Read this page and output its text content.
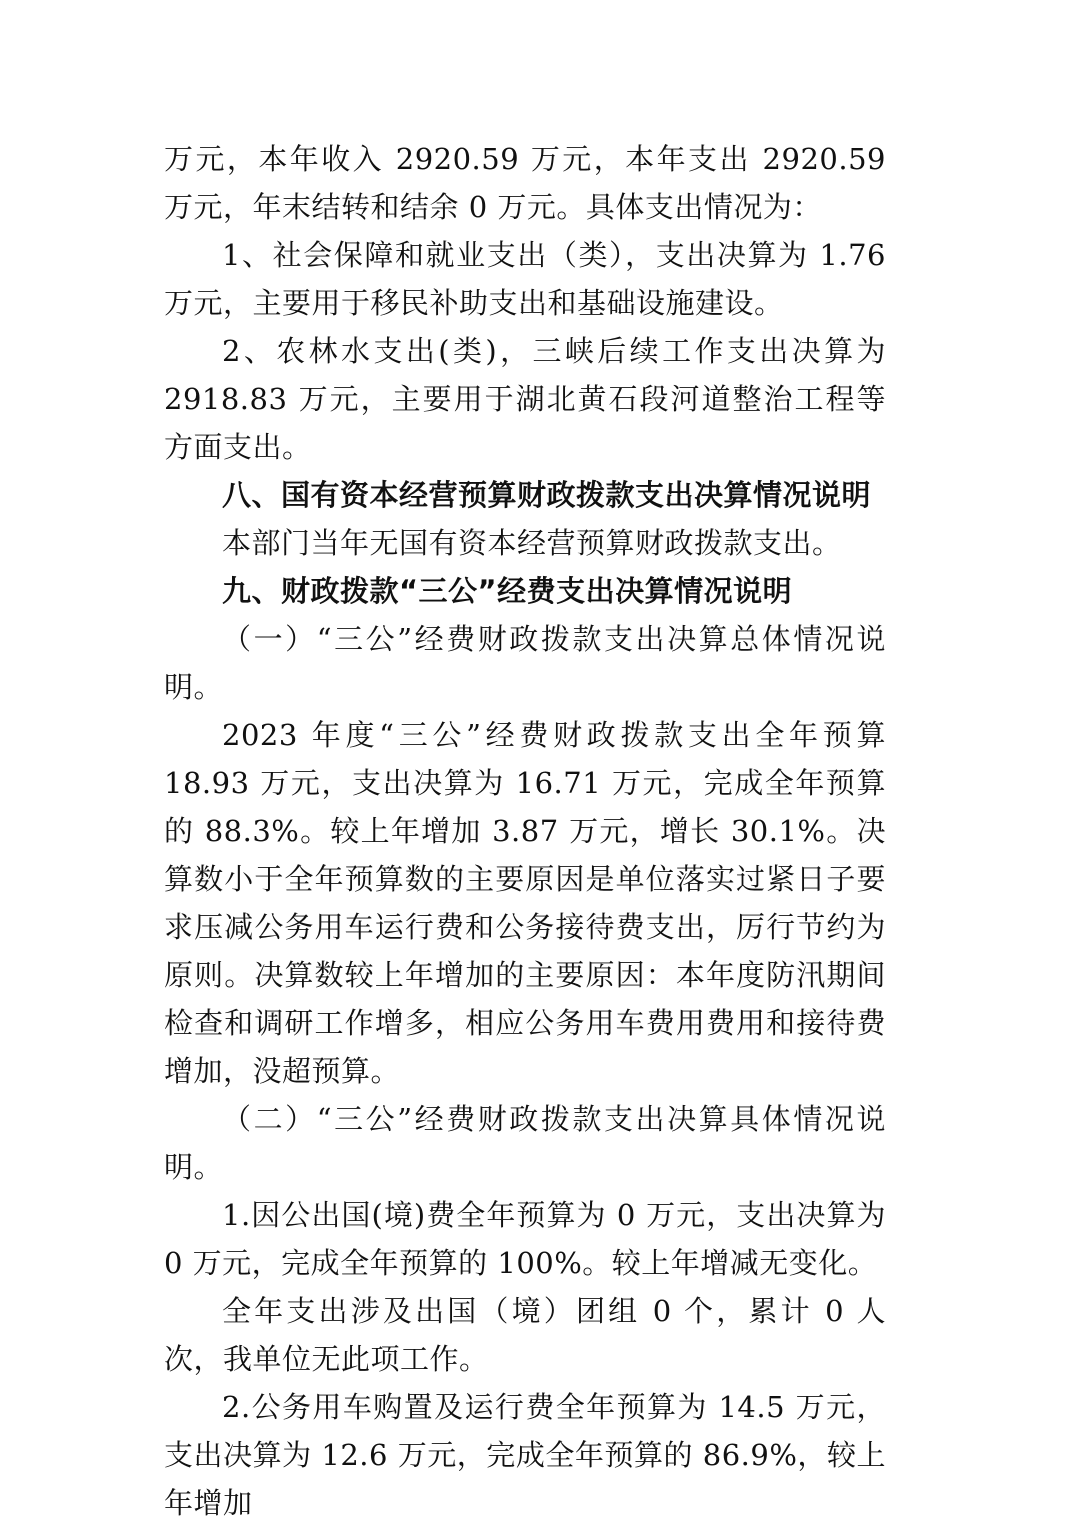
万元，本年收入 2920.59 万元，本年支出 2920.59 万元，年末结转和结余 0 万元。具体支出情况为：

1、社会保障和就业支出（类），支出决算为 1.76 万元，主要用于移民补助支出和基础设施建设。

2、农林水支出(类)，三峡后续工作支出决算为2918.83 万元，主要用于湖北黄石段河道整治工程等方面支出。

八、国有资本经营预算财政拨款支出决算情况说明

本部门当年无国有资本经营预算财政拨款支出。

九、财政拨款“三公”经费支出决算情况说明

（一）“三公”经费财政拨款支出决算总体情况说明。

2023 年度“三公”经费财政拨款支出全年预算 18.93 万元，支出决算为 16.71 万元，完成全年预算的 88.3%。较上年增加 3.87 万元，增长 30.1%。决算数小于全年预算数的主要原因是单位落实过紧日子要求压减公务用车运行费和公务接待费支出，厉行节约为原则。决算数较上年增加的主要原因：本年度防汛期间检查和调研工作增多，相应公务用车费用费用和接待费增加，没超预算。

（二）“三公”经费财政拨款支出决算具体情况说明。

1.因公出国(境)费全年预算为 0 万元，支出决算为 0 万元，完成全年预算的 100%。较上年增减无变化。

全年支出涉及出国（境）团组 0 个，累计 0 人次，我单位无此项工作。

2.公务用车购置及运行费全年预算为 14.5 万元，支出决算为 12.6 万元，完成全年预算的 86.9%，较上年增加
